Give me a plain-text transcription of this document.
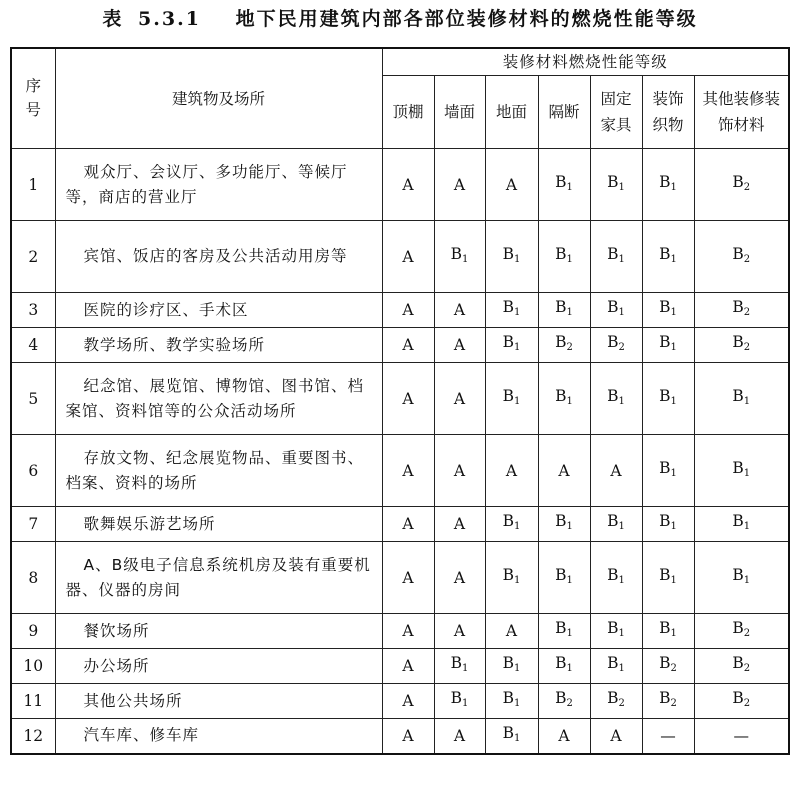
表 5.3.1 地下民用建筑内部各部位装修材料的燃烧性能等级
序号	建筑物及场所	装修材料燃烧性能等级						
		顶棚	墙面	地面	隔断	固定家具	装饰织物	其他装修装饰材料
1	观众厅、会议厅、多功能厅、等候厅等，商店的营业厅	A	A	A	$B_1$	$B_1$	$B_1$	$B_2$
2	宾馆、饭店的客房及公共活动用房等	A	$B_1$	$B_1$	$B_1$	$B_1$	$B_1$	$B_2$
3	医院的诊疗区、手术区	A	A	$B_1$	$B_1$	$B_1$	$B_1$	$B_2$
4	教学场所、教学实验场所	A	A	$B_1$	$B_2$	$B_2$	$B_1$	$B_2$
5	纪念馆、展览馆、博物馆、图书馆、档案馆、资料馆等的公众活动场所	A	A	$B_1$	$B_1$	$B_1$	$B_1$	$B_1$
6	存放文物、纪念展览物品、重要图书、档案、资料的场所	A	A	A	A	A	$B_1$	$B_1$
7	歌舞娱乐游艺场所	A	A	$B_1$	$B_1$	$B_1$	$B_1$	$B_1$
8	A、B级电子信息系统机房及装有重要机器、仪器的房间	A	A	$B_1$	$B_1$	$B_1$	$B_1$	$B_1$
9	餐饮场所	A	A	A	$B_1$	$B_1$	$B_1$	$B_2$
10	办公场所	A	$B_1$	$B_1$	$B_1$	$B_1$	$B_2$	$B_2$
11	其他公共场所	A	$B_1$	$B_1$	$B_2$	$B_2$	$B_2$	$B_2$
12	汽车库、修车库	A	A	$B_1$	A	A	—	—
